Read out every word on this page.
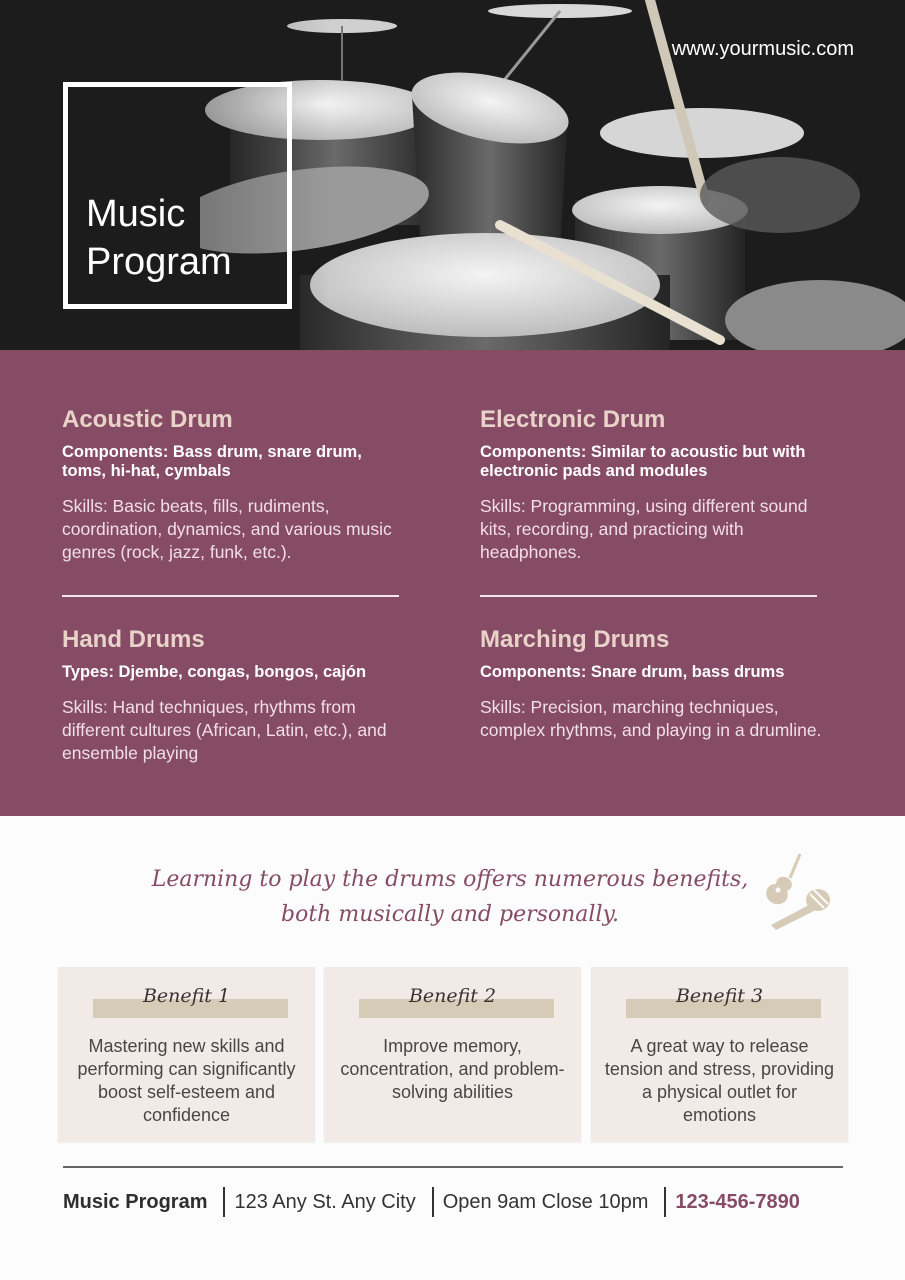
www.yourmusic.com
Music
Program
Acoustic Drum

Components: Bass drum, snare drum, toms, hi-hat, cymbals

Skills: Basic beats, fills, rudiments, coordination, dynamics, and various music genres (rock, jazz, funk, etc.).

Electronic Drum

Components: Similar to acoustic but with electronic pads and modules

Skills: Programming, using different sound kits, recording, and practicing with headphones.

Hand Drums

Types: Djembe, congas, bongos, cajón

Skills: Hand techniques, rhythms from different cultures (African, Latin, etc.), and ensemble playing

Marching Drums

Components: Snare drum, bass drums

Skills: Precision, marching techniques, complex rhythms, and playing in a drumline.

Learning to play the drums offers numerous benefits, both musically and personally.

Benefit 1

Mastering new skills and performing can significantly boost self-esteem and confidence

Benefit 2

Improve memory, concentration, and problem-solving abilities

Benefit 3

A great way to release tension and stress, providing a physical outlet for emotions

Music Program 123 Any St. Any City Open 9am Close 10pm 123-456-7890
